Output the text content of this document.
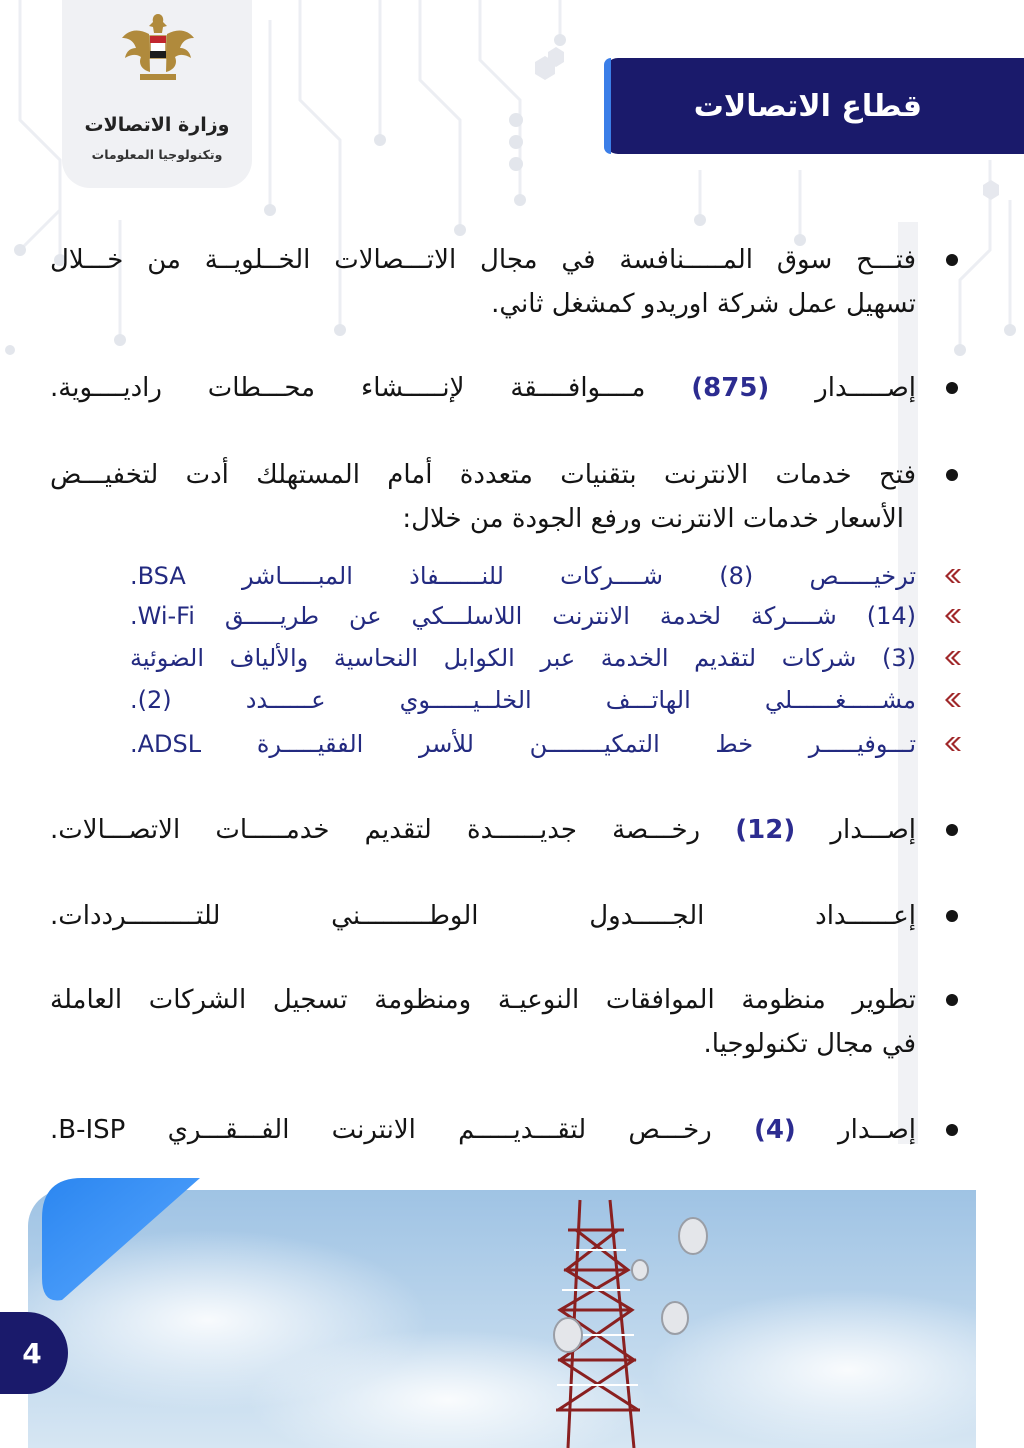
وزارة الاتصالات
وتكنولوجيا المعلومات
قطاع الاتصالات
فتـــح سوق المـــــنافسة في مجال الاتـــصالات الخــلويــة من خـــلال
تسهيل عمل شركة اوريدو كمشغل ثاني.
إصـــــدار (875) مــــوافــــقة لإنـــــشاء محـــطات راديــــوية.
فتح خدمات الانترنت بتقنيات متعددة أمام المستهلك أدت لتخفيـــض
الأسعار خدمات الانترنت ورفع الجودة من خلال:
ترخيـــــص (8) شــــركات للنــــــفاذ المبـــــاشر BSA.
(14) شــــركة لخدمة الانترنت اللاسلـــكي عن طريـــــق Wi-Fi.
(3) شركات لتقديم الخدمة عبر الكوابل النحاسية والألياف الضوئية
مشـــــغــــــلي الهاتـــف الخلــيــــــوي عــــــدد (2).
تـــوفيـــــر خط التمكيــــــــن للأسر الفقيـــــرة ADSL.
إصـــدار (12) رخـــصة جديــــــدة لتقديم خدمـــــات الاتصـــالات.
إعــــــداد الجـــــدول الوطـــــــــني للتـــــــــرددات.
تطوير منظومة الموافقات النوعيـة ومنظومة تسجيل الشركات العاملة
في مجال تكنولوجيا.
إصــدار (4) رخـــص لتقـــديـــــم الانترنت الفـــقـــري B-ISP.
4
